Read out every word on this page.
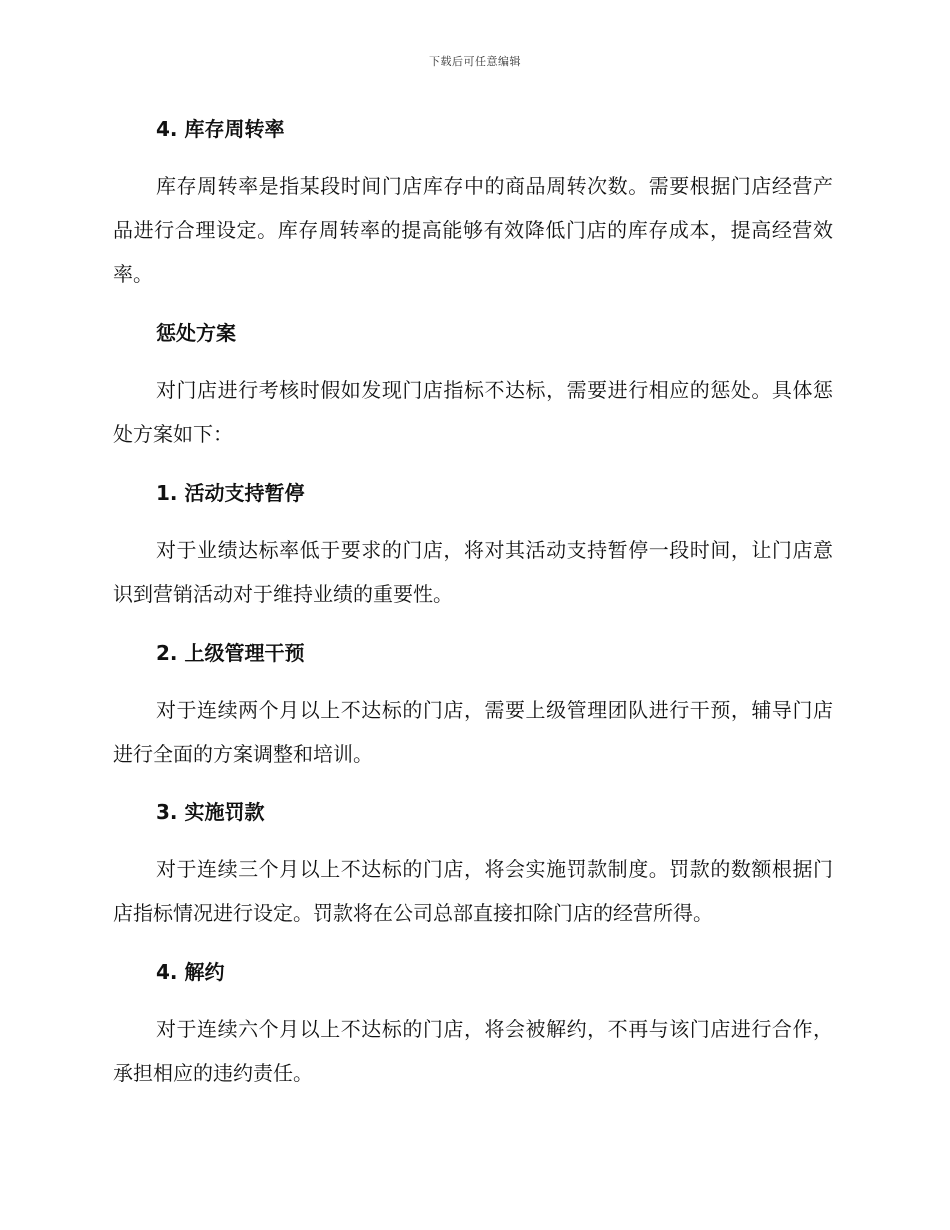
下载后可任意编辑
4. 库存周转率

库存周转率是指某段时间门店库存中的商品周转次数。需要根据门店经营产品进行合理设定。库存周转率的提高能够有效降低门店的库存成本，提高经营效率。

惩处方案

对门店进行考核时假如发现门店指标不达标，需要进行相应的惩处。具体惩处方案如下：

1. 活动支持暂停

对于业绩达标率低于要求的门店，将对其活动支持暂停一段时间，让门店意识到营销活动对于维持业绩的重要性。

2. 上级管理干预

对于连续两个月以上不达标的门店，需要上级管理团队进行干预，辅导门店进行全面的方案调整和培训。

3. 实施罚款

对于连续三个月以上不达标的门店，将会实施罚款制度。罚款的数额根据门店指标情况进行设定。罚款将在公司总部直接扣除门店的经营所得。

4. 解约

对于连续六个月以上不达标的门店，将会被解约，不再与该门店进行合作，承担相应的违约责任。
